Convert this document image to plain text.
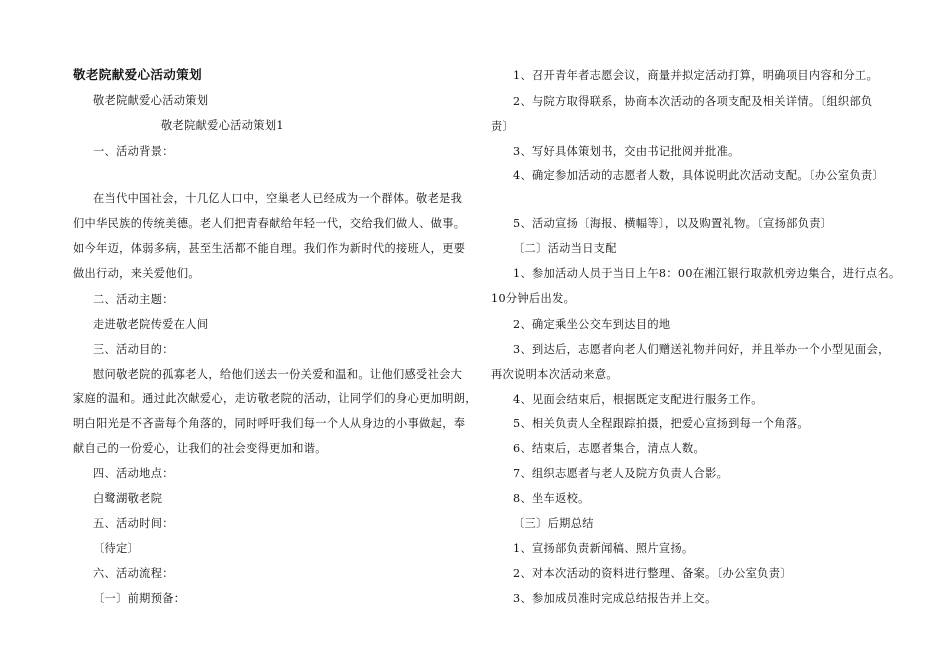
敬老院献爱心活动策划
敬老院献爱心活动策划
敬老院献爱心活动策划1
一、活动背景：
在当代中国社会，十几亿人口中，空巢老人已经成为一个群体。敬老是我
们中华民族的传统美德。老人们把青春献给年轻一代，交给我们做人、做事。
如今年迈，体弱多病，甚至生活都不能自理。我们作为新时代的接班人，更要
做出行动，来关爱他们。
二、活动主题：
走进敬老院传爱在人间
三、活动目的：
慰问敬老院的孤寡老人，给他们送去一份关爱和温和。让他们感受社会大
家庭的温和。通过此次献爱心，走访敬老院的活动，让同学们的身心更加明朗，
明白阳光是不吝啬每个角落的，同时呼吁我们每一个人从身边的小事做起，奉
献自己的一份爱心，让我们的社会变得更加和谐。
四、活动地点：
白鹭湖敬老院
五、活动时间：
〔待定〕
六、活动流程：
〔一〕前期预备：
1、召开青年者志愿会议，商量并拟定活动打算，明确项目内容和分工。
2、与院方取得联系，协商本次活动的各项支配及相关详情。〔组织部负
责〕
3、写好具体策划书，交由书记批阅并批准。
4、确定参加活动的志愿者人数，具体说明此次活动支配。〔办公室负责〕
5、活动宣扬〔海报、横幅等〕，以及购置礼物。〔宣扬部负责〕
〔二〕活动当日支配
1、参加活动人员于当日上午8：00在湘江银行取款机旁边集合，进行点名。
10分钟后出发。
2、确定乘坐公交车到达目的地
3、到达后，志愿者向老人们赠送礼物并问好，并且举办一个小型见面会，
再次说明本次活动来意。
4、见面会结束后，根据既定支配进行服务工作。
5、相关负责人全程跟踪拍摄，把爱心宣扬到每一个角落。
6、结束后，志愿者集合，清点人数。
7、组织志愿者与老人及院方负责人合影。
8、坐车返校。
〔三〕后期总结
1、宣扬部负责新闻稿、照片宣扬。
2、对本次活动的资料进行整理、备案。〔办公室负责〕
3、参加成员准时完成总结报告并上交。
